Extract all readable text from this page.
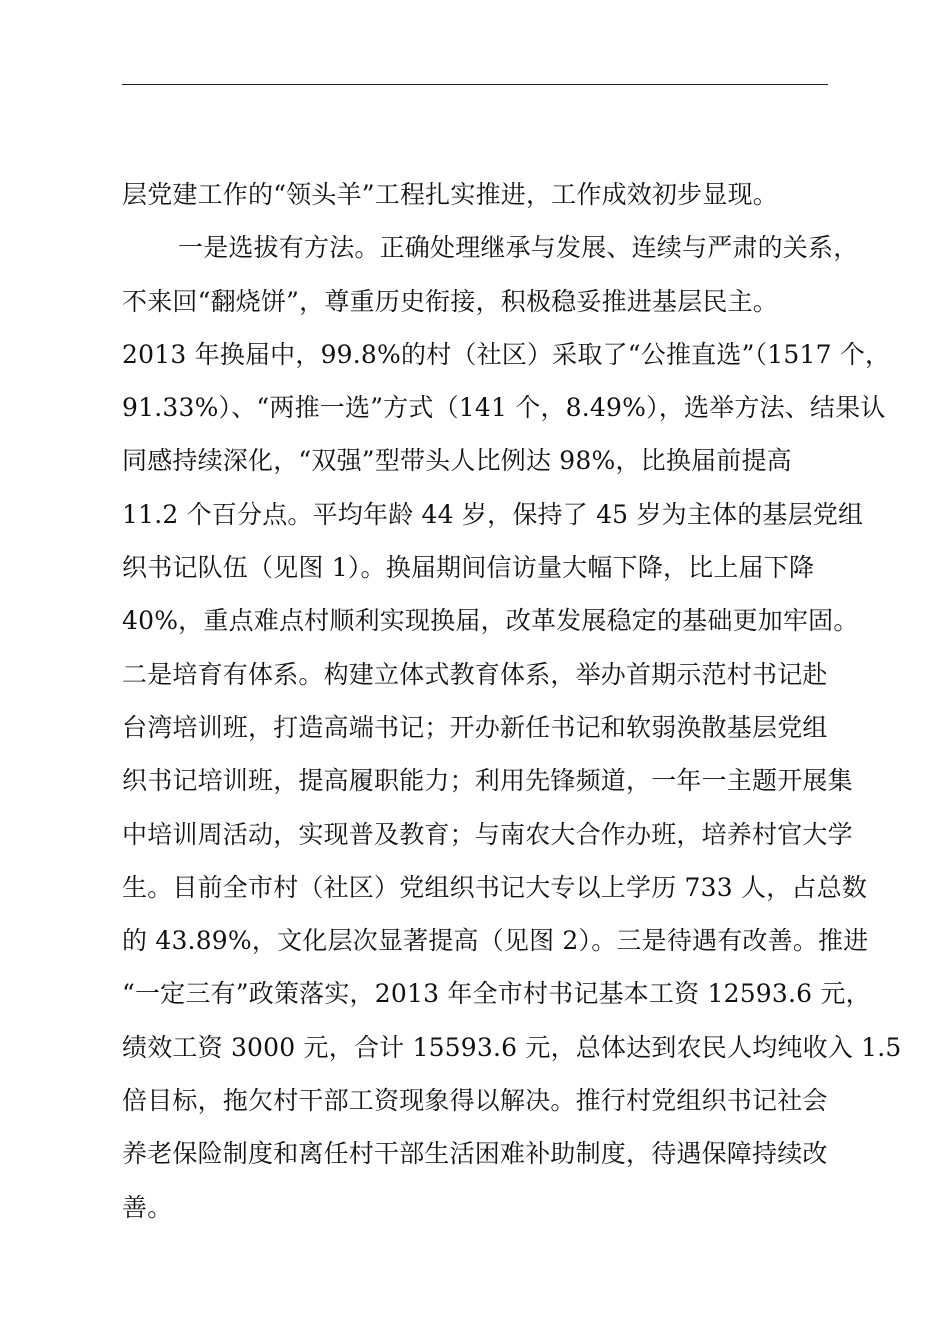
层党建工作的“领头羊”工程扎实推进，工作成效初步显现。
一是选拔有方法。正确处理继承与发展、连续与严肃的关系，
不来回“翻烧饼”，尊重历史衔接，积极稳妥推进基层民主。
2013 年换届中，99.8%的村（社区）采取了“公推直选”（1517 个，
91.33%）、“两推一选”方式（141 个，8.49%），选举方法、结果认
同感持续深化，“双强”型带头人比例达 98%，比换届前提高
11.2 个百分点。平均年龄 44 岁，保持了 45 岁为主体的基层党组
织书记队伍（见图 1）。换届期间信访量大幅下降，比上届下降
40%，重点难点村顺利实现换届，改革发展稳定的基础更加牢固。
二是培育有体系。构建立体式教育体系，举办首期示范村书记赴
台湾培训班，打造高端书记；开办新任书记和软弱涣散基层党组
织书记培训班，提高履职能力；利用先锋频道，一年一主题开展集
中培训周活动，实现普及教育；与南农大合作办班，培养村官大学
生。目前全市村（社区）党组织书记大专以上学历 733 人，占总数
的 43.89%，文化层次显著提高（见图 2）。三是待遇有改善。推进
“一定三有”政策落实，2013 年全市村书记基本工资 12593.6 元，
绩效工资 3000 元，合计 15593.6 元，总体达到农民人均纯收入 1.5
倍目标，拖欠村干部工资现象得以解决。推行村党组织书记社会
养老保险制度和离任村干部生活困难补助制度，待遇保障持续改
善。
